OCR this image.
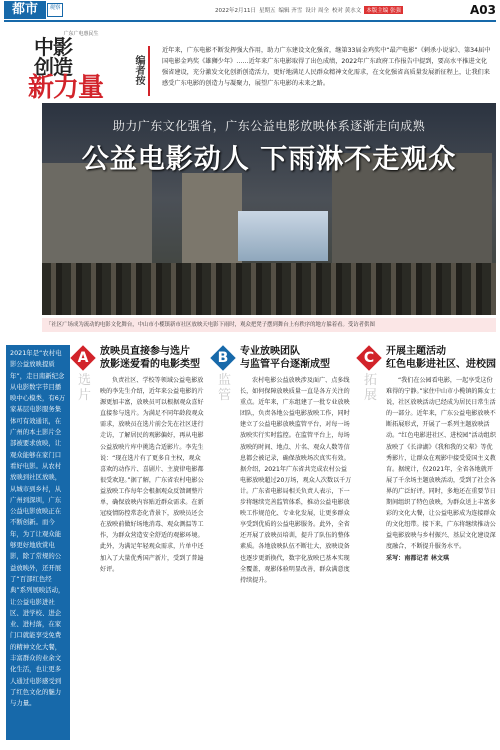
都市	观察	2022年2月11日 星期五 编辑 齐雪 设计 周全 校对 黄水文 本版主编 张强	A03
广东广电惠民生
中影
创造 新力量
编者按
近年来，广东电影不断发挥强大作用，助力广东建设文化强省，继第33届金鸡奖中“最产电影”《刺杀小说家》、第34届中国电影金鸡奖《雄狮少年》……近年来广东电影取得了出色成绩，2022年广东政府工作报告中提到，要高水平推进文化强省建设，充分激发文化创新创造活力，更好地满足人民群众精神文化需求，在文化强省高质量发展新征程上，让我们来感受广东电影的创造力与凝聚力，展望广东电影的未来之路。
助力广东文化强省，广东公益电影放映体系逐渐走向成熟
公益电影动人 下雨淋不走观众
「社区广场成为流动的电影文化舞台，中山市小榄镇新市社区放映天电影下雨时，观众把凳子摆到舞台上有秩序的地方躲着看。受访者供图
2021年是“农村电影公益放映提质年”，走日南新纪念从电影数字节目播映中心模类，有6万家基层电影服务集体可有效通讯，在广州的本土影片全部被要求放映，让观众能够在家门口看好电影。从农村放映到社区放映，从城市到乡村，从广州到深圳，广东公益电影放映正在不断创新。而今年，为了让观众能够更好地欣赏电影，除了常规的公益放映外，还开展了“百部红色经典”系列展映活动，让公益电影进社区、进学校、进企业、进村落，在家门口就能享受免费的精神文化大餐，丰富群众的业余文化生活，也让更多人通过电影感受到了红色文化的魅力与力量。
A
选片
放映员直接参与选片
放影迷爱看的电影类型
负责社区、学校等领域公益电影放映的李先生介绍，近年来公益电影的片源更加丰富，放映员可以根据观众喜好直接参与选片。为满足不同年龄段观众需求，放映员在选片前会先在社区进行走访，了解居民的观影偏好，再从电影公益放映片库中挑选合适影片。李先生说：“现在选片有了更多自主权，观众喜欢的动作片、喜剧片、主旋律电影都很受欢迎。”据了解，广东省农村电影公益放映工作每年会根据观众反馈调整片单，确保放映内容贴近群众需求。在新冠疫情防控常态化背景下，放映员还会在放映前做好场地消毒、观众测温等工作，为群众营造安全舒适的观影环境。此外，为满足年轻观众需求，片单中还加入了大量优秀国产新片，受到了普遍好评。
B
监管
专业放映团队
与监管平台逐渐成型
农村电影公益放映涉及面广、点多线长，如何保障放映质量一直是各方关注的重点。近年来，广东组建了一批专业放映团队，负责各地公益电影放映工作，同时建立了公益电影放映监管平台，对每一场放映实行实时监控。在监管平台上，每场放映的时间、地点、片名、观众人数等信息都会被记录，确保放映场次真实有效。据介绍，2021年广东省共完成农村公益电影放映超过20万场，观众人次数以千万计。广东省电影局相关负责人表示，下一步将继续完善监管体系，推动公益电影放映工作规范化、专业化发展，让更多群众享受到优质的公益电影服务。此外，全省还开展了放映员培训，提升了队伍的整体素质。各地放映队伍不断壮大，放映设备也逐步更新换代，数字化放映已基本实现全覆盖，观影体验明显改善，群众满意度持续提升。
C
拓展
开展主题活动
红色电影进社区、进校园
“我们在公园看电影，一起享受这份难得的宁静。”家住中山市小榄镇的陈女士说，社区放映活动已经成为居民日常生活的一部分。近年来，广东公益电影放映不断拓展形式，开展了一系列主题放映活动。“红色电影进社区、进校园”活动组织放映了《长津湖》《我和我的父辈》等优秀影片，让群众在观影中接受爱国主义教育。据统计，仅2021年，全省各地就开展了千余场主题放映活动，受到了社会各界的广泛好评。同时，多地还在重要节日期间组织了特色放映，为群众送上丰富多彩的文化大餐，让公益电影成为连接群众的文化纽带。接下来，广东将继续推动公益电影放映与乡村振兴、基层文化建设深度融合，不断提升服务水平。
采写：南都记者 林文琪
